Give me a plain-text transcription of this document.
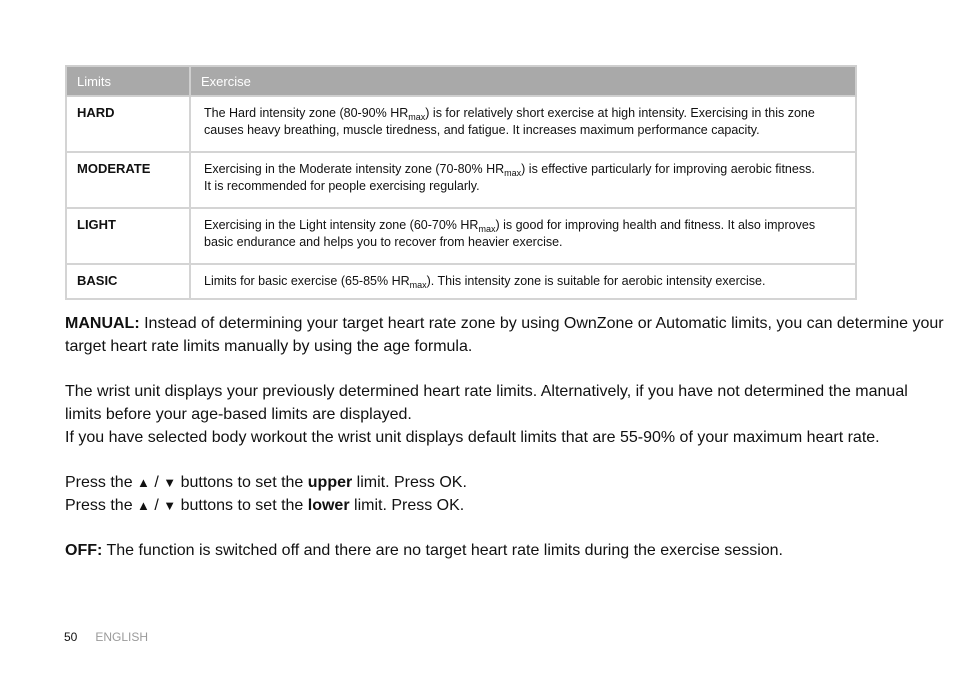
Limits	Exercise
HARD	The Hard intensity zone (80-90% $HR_{max}$) is for relatively short exercise at high intensity. Exercising in this zone
causes heavy breathing, muscle tiredness, and fatigue. It increases maximum performance capacity.

MODERATE	Exercising in the Moderate intensity zone (70-80% $HR_{max}$) is effective particularly for improving aerobic fitness.
It is recommended for people exercising regularly.

LIGHT	Exercising in the Light intensity zone (60-70% $HR_{max}$) is good for improving health and fitness. It also improves
basic endurance and helps you to recover from heavier exercise.

BASIC	Limits for basic exercise (65-85% $HR_{max}$). This intensity zone is suitable for aerobic intensity exercise.

MANUAL: Instead of determining your target heart rate zone by using OwnZone or Automatic limits, you can determine your
target heart rate limits manually by using the age formula.

The wrist unit displays your previously determined heart rate limits. Alternatively, if you have not determined the manual
limits before your age-based limits are displayed.
If you have selected body workout the wrist unit displays default limits that are 55-90% of your maximum heart rate.

Press the ▲ / ▼ buttons to set the upper limit. Press OK.
Press the ▲ / ▼ buttons to set the lower limit. Press OK.

OFF: The function is switched off and there are no target heart rate limits during the exercise session.

50 ENGLISH
